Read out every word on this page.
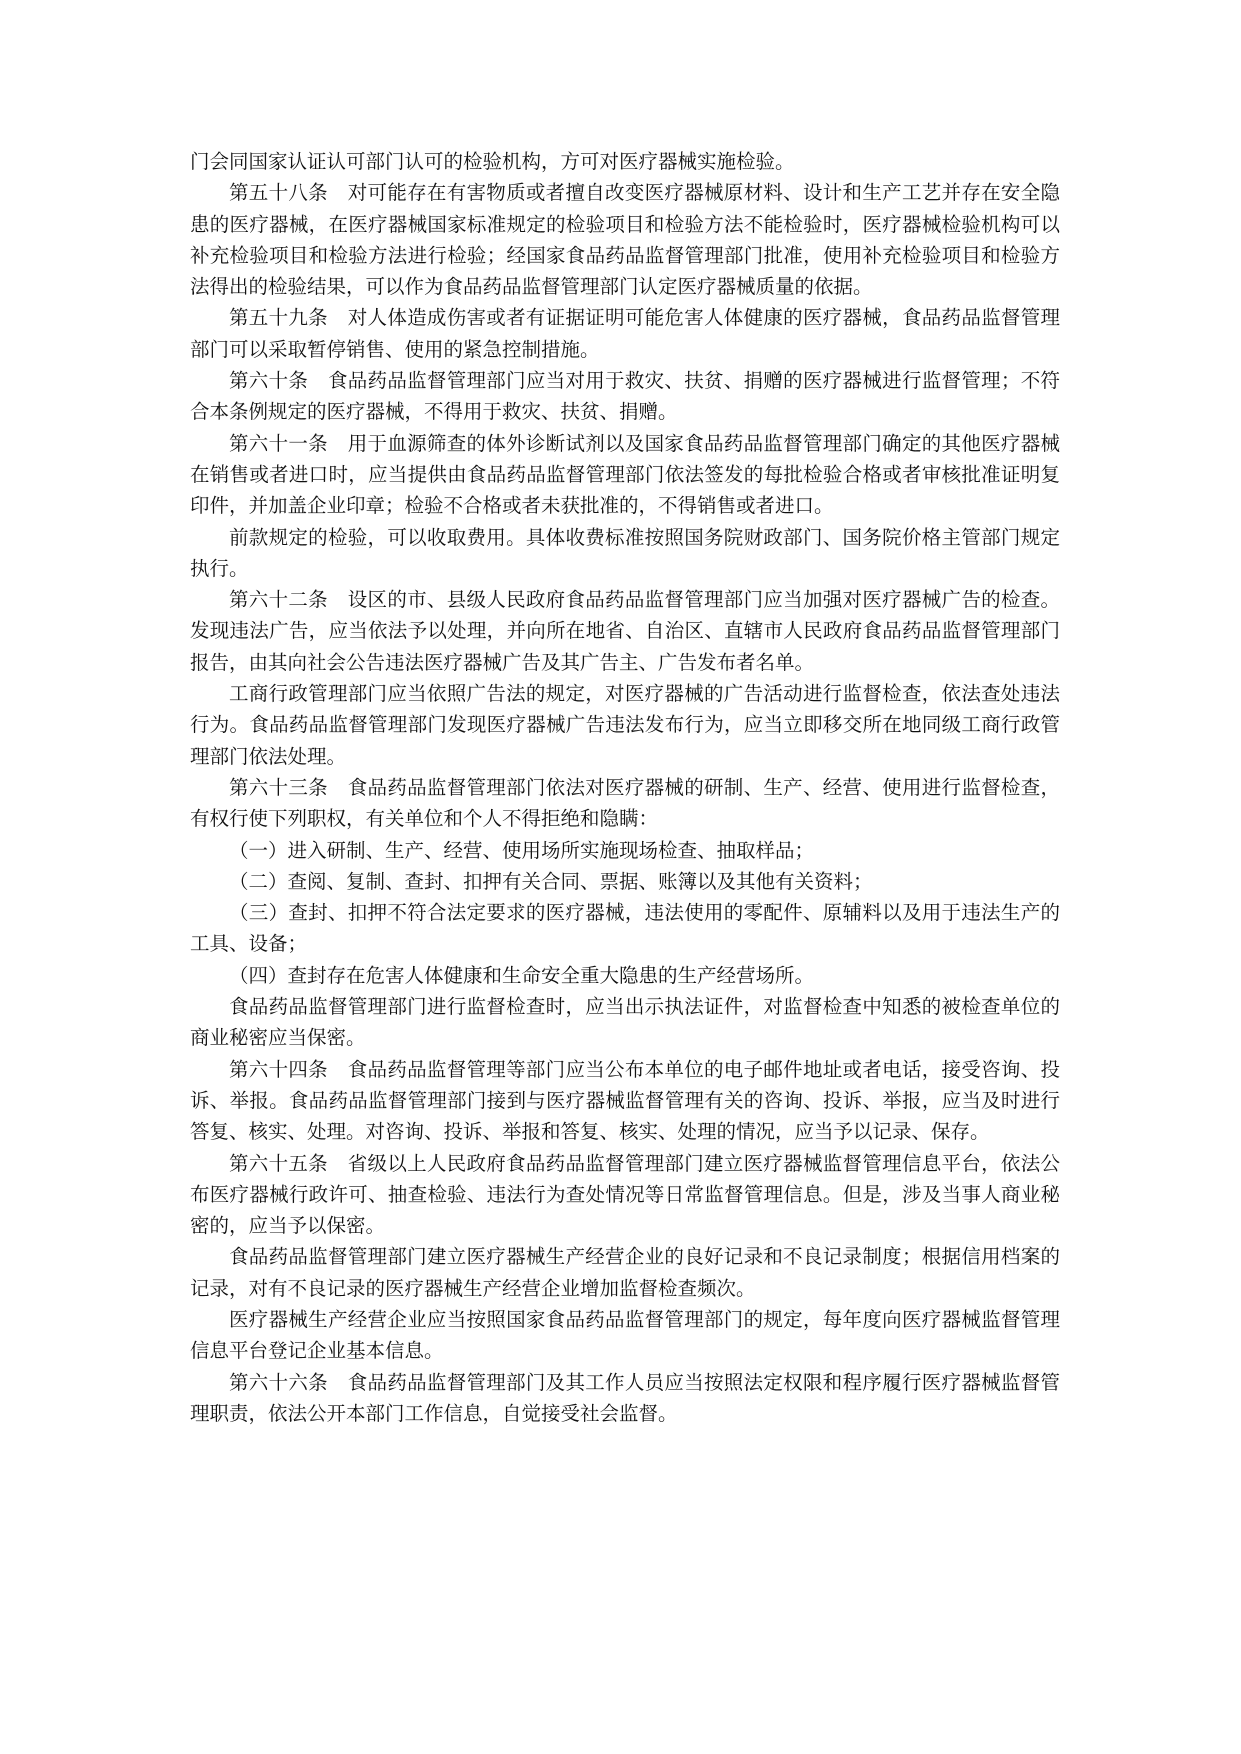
门会同国家认证认可部门认可的检验机构，方可对医疗器械实施检验。

第五十八条　对可能存在有害物质或者擅自改变医疗器械原材料、设计和生产工艺并存在安全隐患的医疗器械，在医疗器械国家标准规定的检验项目和检验方法不能检验时，医疗器械检验机构可以补充检验项目和检验方法进行检验；经国家食品药品监督管理部门批准，使用补充检验项目和检验方法得出的检验结果，可以作为食品药品监督管理部门认定医疗器械质量的依据。

第五十九条　对人体造成伤害或者有证据证明可能危害人体健康的医疗器械，食品药品监督管理部门可以采取暂停销售、使用的紧急控制措施。

第六十条　食品药品监督管理部门应当对用于救灾、扶贫、捐赠的医疗器械进行监督管理；不符合本条例规定的医疗器械，不得用于救灾、扶贫、捐赠。

第六十一条　用于血源筛查的体外诊断试剂以及国家食品药品监督管理部门确定的其他医疗器械在销售或者进口时，应当提供由食品药品监督管理部门依法签发的每批检验合格或者审核批准证明复印件，并加盖企业印章；检验不合格或者未获批准的，不得销售或者进口。

前款规定的检验，可以收取费用。具体收费标准按照国务院财政部门、国务院价格主管部门规定执行。

第六十二条　设区的市、县级人民政府食品药品监督管理部门应当加强对医疗器械广告的检查。发现违法广告，应当依法予以处理，并向所在地省、自治区、直辖市人民政府食品药品监督管理部门报告，由其向社会公告违法医疗器械广告及其广告主、广告发布者名单。

工商行政管理部门应当依照广告法的规定，对医疗器械的广告活动进行监督检查，依法查处违法行为。食品药品监督管理部门发现医疗器械广告违法发布行为，应当立即移交所在地同级工商行政管理部门依法处理。

第六十三条　食品药品监督管理部门依法对医疗器械的研制、生产、经营、使用进行监督检查，有权行使下列职权，有关单位和个人不得拒绝和隐瞒：

（一）进入研制、生产、经营、使用场所实施现场检查、抽取样品；

（二）查阅、复制、查封、扣押有关合同、票据、账簿以及其他有关资料；

（三）查封、扣押不符合法定要求的医疗器械，违法使用的零配件、原辅料以及用于违法生产的工具、设备；

（四）查封存在危害人体健康和生命安全重大隐患的生产经营场所。

食品药品监督管理部门进行监督检查时，应当出示执法证件，对监督检查中知悉的被检查单位的商业秘密应当保密。

第六十四条　食品药品监督管理等部门应当公布本单位的电子邮件地址或者电话，接受咨询、投诉、举报。食品药品监督管理部门接到与医疗器械监督管理有关的咨询、投诉、举报，应当及时进行答复、核实、处理。对咨询、投诉、举报和答复、核实、处理的情况，应当予以记录、保存。

第六十五条　省级以上人民政府食品药品监督管理部门建立医疗器械监督管理信息平台，依法公布医疗器械行政许可、抽查检验、违法行为查处情况等日常监督管理信息。但是，涉及当事人商业秘密的，应当予以保密。

食品药品监督管理部门建立医疗器械生产经营企业的良好记录和不良记录制度；根据信用档案的记录，对有不良记录的医疗器械生产经营企业增加监督检查频次。

医疗器械生产经营企业应当按照国家食品药品监督管理部门的规定，每年度向医疗器械监督管理信息平台登记企业基本信息。

第六十六条　食品药品监督管理部门及其工作人员应当按照法定权限和程序履行医疗器械监督管理职责，依法公开本部门工作信息，自觉接受社会监督。
